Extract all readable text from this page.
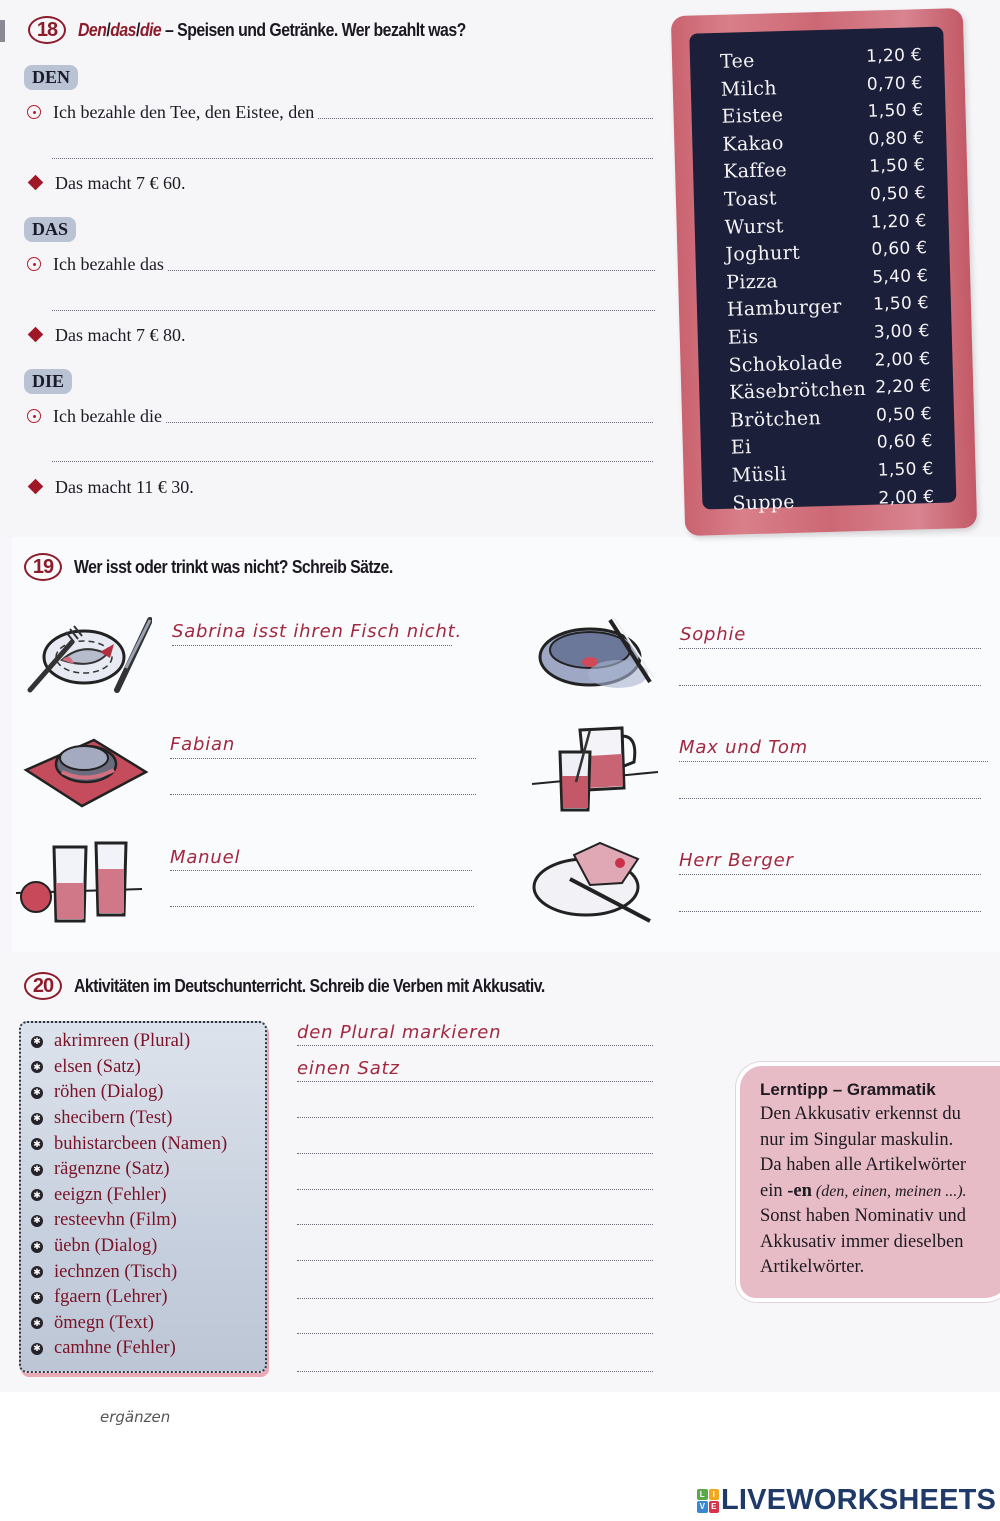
18	Den/das/die – Speisen und Getränke. Wer bezahlt was?
DEN
Ich bezahle den Tee, den Eistee, den
Das macht 7 € 60.
DAS
Ich bezahle das
Das macht 7 € 80.
DIE
Ich bezahle die
Das macht 11 € 30.
Tee	1,20 €
Milch	0,70 €
Eistee	1,50 €
Kakao	0,80 €
Kaffee	1,50 €
Toast	0,50 €
Wurst	1,20 €
Joghurt	0,60 €
Pizza	5,40 €
Hamburger 1,50 €
Eis	3,00 €
Schokolade 2,00 €
Käsebrötchen 2,20 €
Brötchen	0,50 €
Ei	0,60 €
Müsli	1,50 €
Suppe	2,00 €
19	Wer isst oder trinkt was nicht? Schreib Sätze.
Sabrina isst ihren Fisch nicht.	Sophie
Fabian	Max und Tom
Manuel	Herr Berger
20	Aktivitäten im Deutschunterricht. Schreib die Verben mit Akkusativ.
✱ akrimreen (Plural)
✱ elsen (Satz)
✱ röhen (Dialog)
✱ shecibern (Test)
✱ buhistarcbeen (Namen)
✱ rägenzne (Satz)
✱ eeigzn (Fehler)
✱ resteevhn (Film)
✱ üebn (Dialog)
✱ iechnzen (Tisch)
✱ fgaern (Lehrer)
✱ ömegn (Text)
✱ camhne (Fehler)
den Plural markieren
einen Satz
Lerntipp – Grammatik
Den Akkusativ erkennst du
nur im Singular maskulin.
Da haben alle Artikelwörter
ein -en (den, einen, meinen ...).
Sonst haben Nominativ und
Akkusativ immer dieselben
Artikelwörter.
ergänzen
L I
V E LIVEWORKSHEETS
